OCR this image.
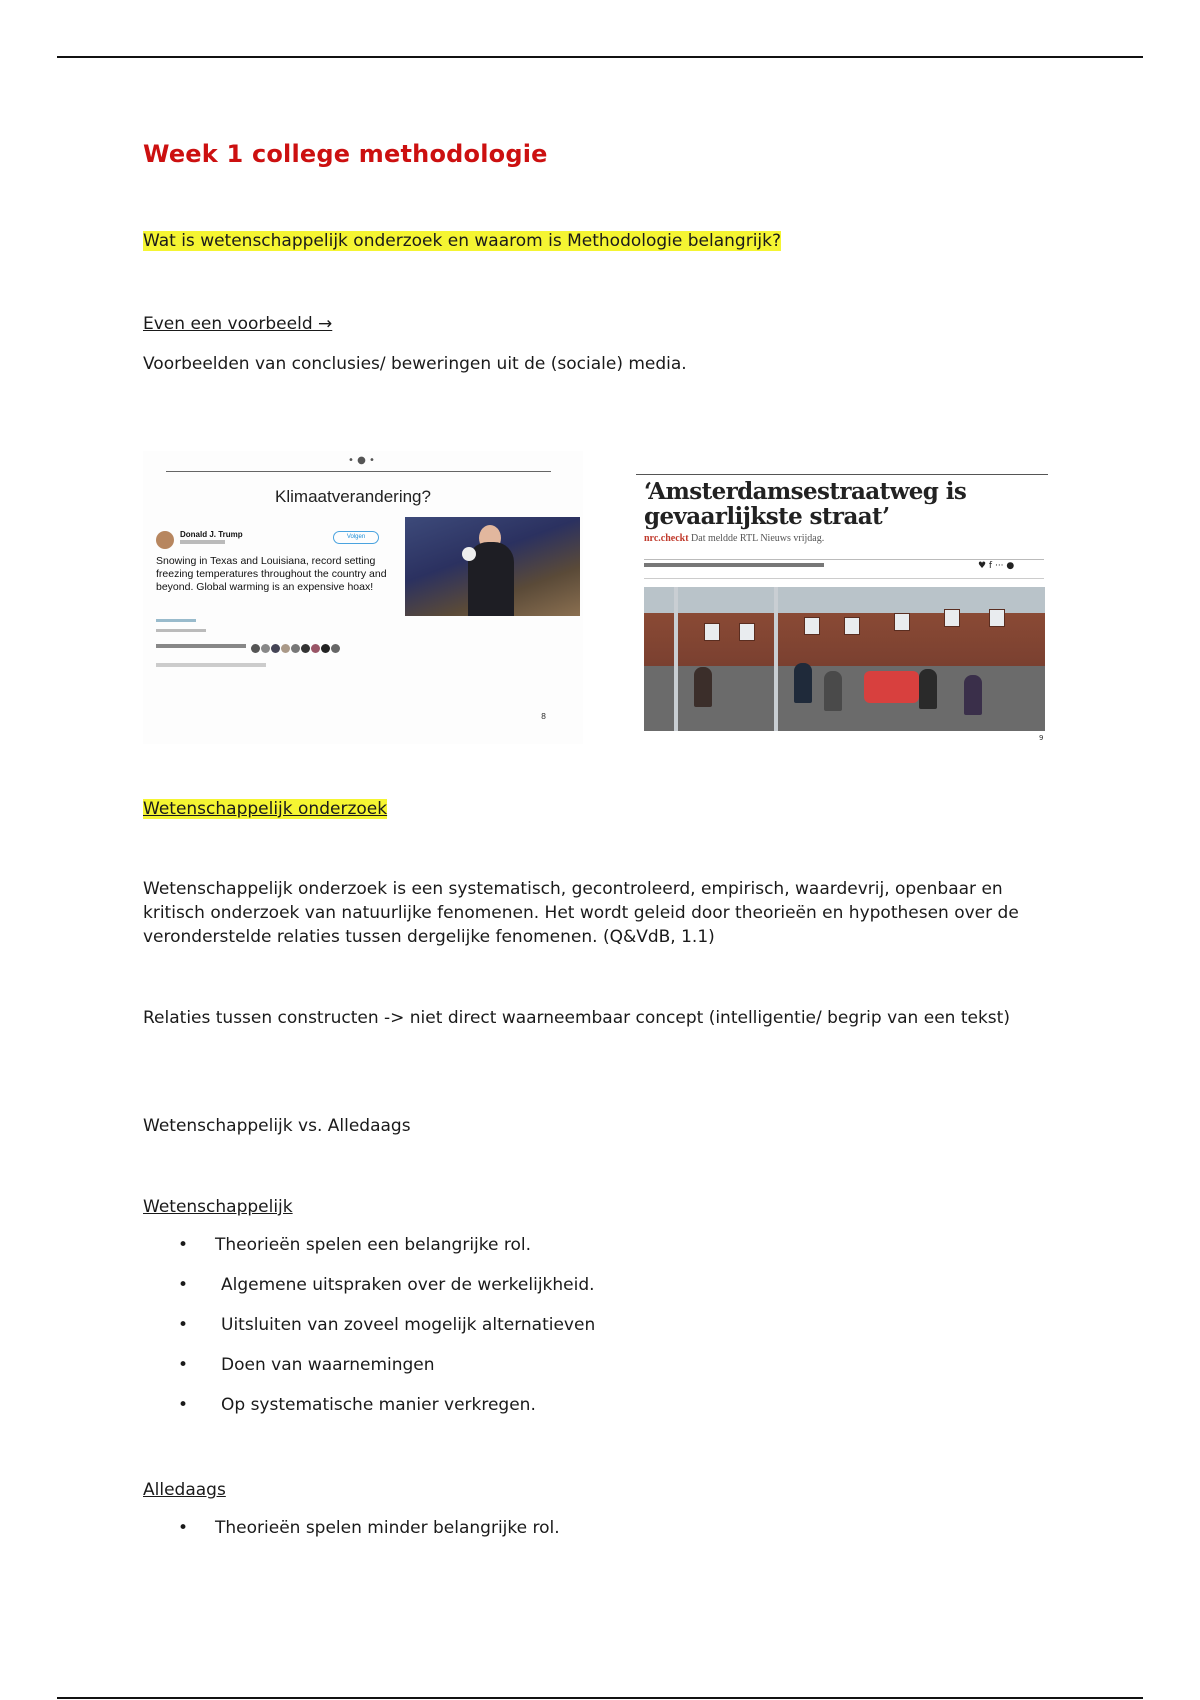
Week 1 college methodologie
Wat is wetenschappelijk onderzoek en waarom is Methodologie belangrijk?
Even een voorbeeld →
Voorbeelden van conclusies/ beweringen uit de (sociale) media.
• ● •
Klimaatverandering?
Donald J. Trump	Volgen
Snowing in Texas and Louisiana, record setting freezing temperatures throughout the country and beyond. Global warming is an expensive hoax!
8
‘Amsterdamsestraatweg is gevaarlijkste straat’
nrc.checkt Dat meldde RTL Nieuws vrijdag.
♥ f ··· ●
9
Wetenschappelijk onderzoek
Wetenschappelijk onderzoek is een systematisch, gecontroleerd, empirisch, waardevrij, openbaar en kritisch onderzoek van natuurlijke fenomenen. Het wordt geleid door theorieën en hypothesen over de veronderstelde relaties tussen dergelijke fenomenen. (Q&VdB, 1.1)
Relaties tussen constructen -> niet direct waarneembaar concept (intelligentie/ begrip van een tekst)
Wetenschappelijk vs. Alledaags
Wetenschappelijk
• Theorieën spelen een belangrijke rol.
• Algemene uitspraken over de werkelijkheid.
• Uitsluiten van zoveel mogelijk alternatieven
• Doen van waarnemingen
• Op systematische manier verkregen.
Alledaags
• Theorieën spelen minder belangrijke rol.
